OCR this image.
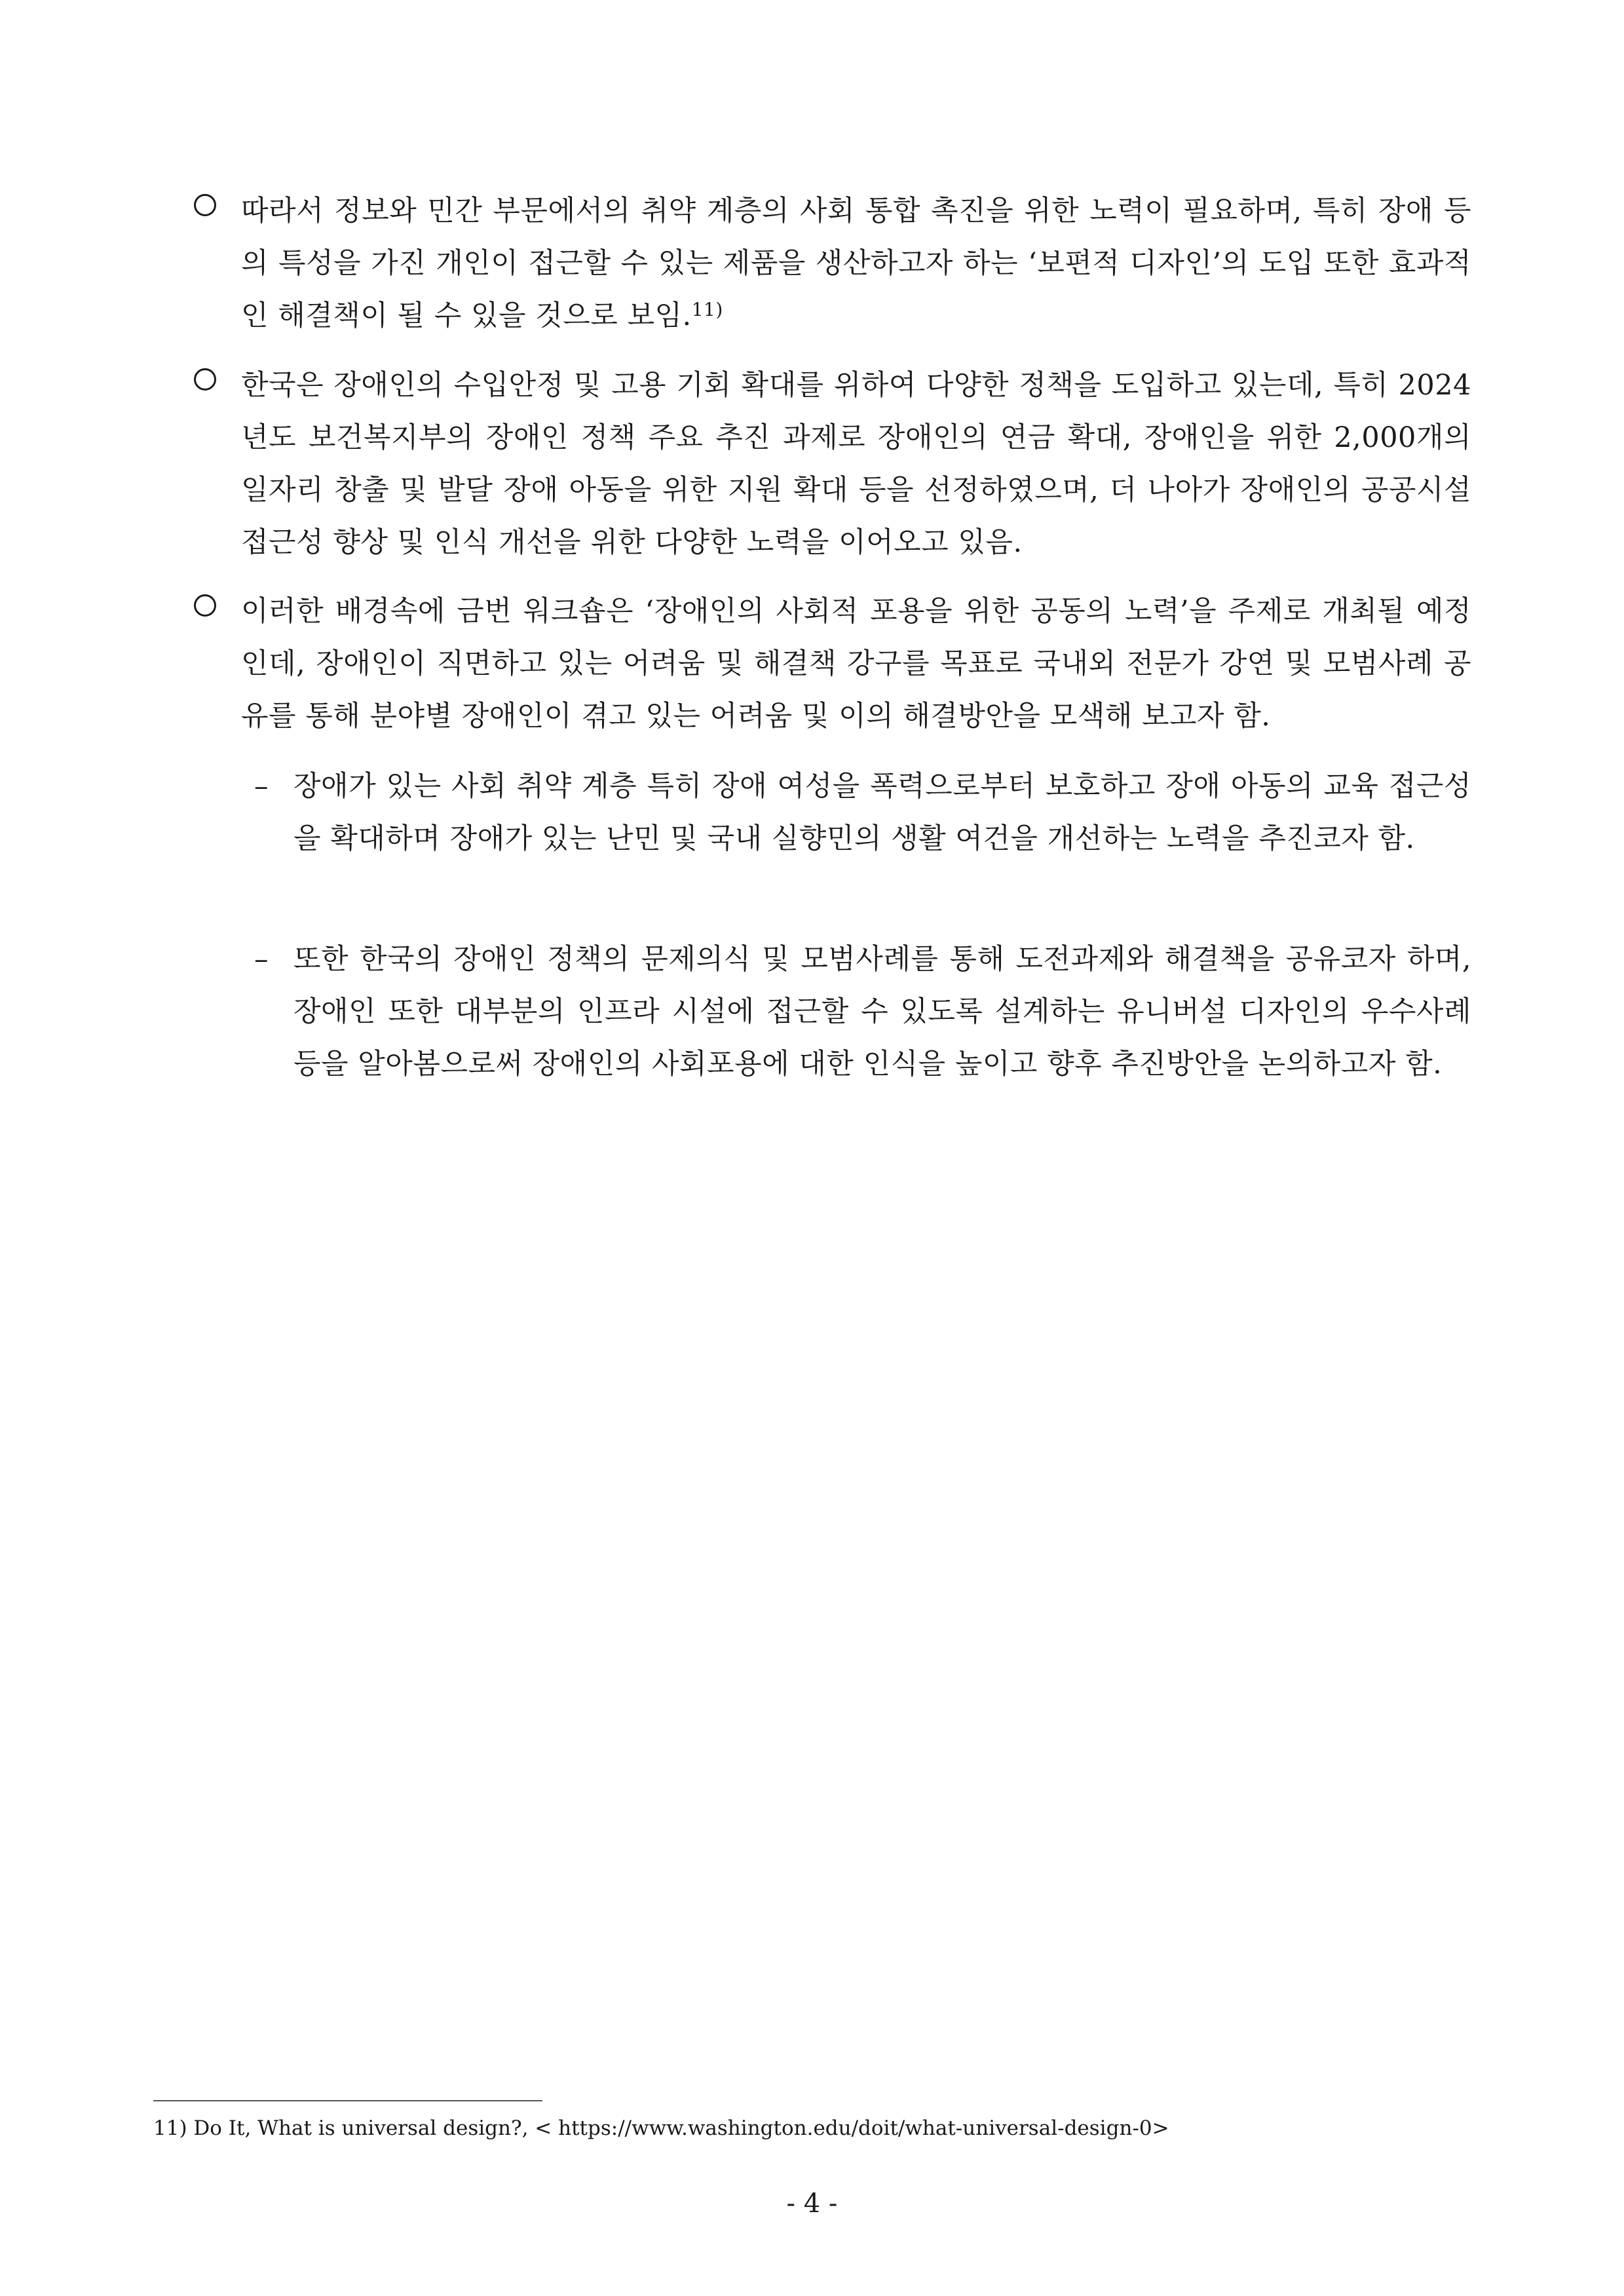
따라서 정보와 민간 부문에서의 취약 계층의 사회 통합 촉진을 위한 노력이 필요하며, 특히 장애 등의 특성을 가진 개인이 접근할 수 있는 제품을 생산하고자 하는 ‘보편적 디자인’의 도입 또한 효과적인 해결책이 될 수 있을 것으로 보임.$^{11)}$
한국은 장애인의 수입안정 및 고용 기회 확대를 위하여 다양한 정책을 도입하고 있는데, 특히 2024년도 보건복지부의 장애인 정책 주요 추진 과제로 장애인의 연금 확대, 장애인을 위한 2,000개의 일자리 창출 및 발달 장애 아동을 위한 지원 확대 등을 선정하였으며, 더 나아가 장애인의 공공시설 접근성 향상 및 인식 개선을 위한 다양한 노력을 이어오고 있음.
이러한 배경속에 금번 워크숍은 ‘장애인의 사회적 포용을 위한 공동의 노력’을 주제로 개최될 예정인데, 장애인이 직면하고 있는 어려움 및 해결책 강구를 목표로 국내외 전문가 강연 및 모범사례 공유를 통해 분야별 장애인이 겪고 있는 어려움 및 이의 해결방안을 모색해 보고자 함.
– 장애가 있는 사회 취약 계층 특히 장애 여성을 폭력으로부터 보호하고 장애 아동의 교육 접근성을 확대하며 장애가 있는 난민 및 국내 실향민의 생활 여건을 개선하는 노력을 추진코자 함.
– 또한 한국의 장애인 정책의 문제의식 및 모범사례를 통해 도전과제와 해결책을 공유코자 하며, 장애인 또한 대부분의 인프라 시설에 접근할 수 있도록 설계하는 유니버설 디자인의 우수사례 등을 알아봄으로써 장애인의 사회포용에 대한 인식을 높이고 향후 추진방안을 논의하고자 함.
11) Do It, What is universal design?, < https://www.washington.edu/doit/what-universal-design-0>
- 4 -
